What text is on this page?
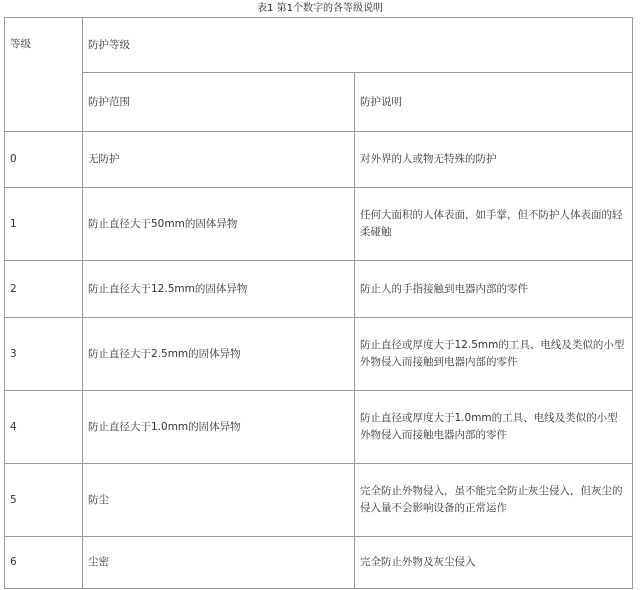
表1 第1个数字的各等级说明
等级	防护等级	
	防护范围	防护说明
0	无防护	对外界的人或物无特殊的防护
1	防止直径大于50mm的固体异物	任何大面积的人体表面，如手掌，但不防护人体表面的轻柔碰触
2	防止直径大于12.5mm的固体异物	防止人的手指接触到电器内部的零件
3	防止直径大于2.5mm的固体异物	防止直径或厚度大于12.5mm的工具、电线及类似的小型外物侵入而接触到电器内部的零件
4	防止直径大于1.0mm的固体异物	防止直径或厚度大于1.0mm的工具、电线及类似的小型外物侵入而接触电器内部的零件
5	防尘	完全防止外物侵入，虽不能完全防止灰尘侵入，但灰尘的侵入量不会影响设备的正常运作
6	尘密	完全防止外物及灰尘侵入
